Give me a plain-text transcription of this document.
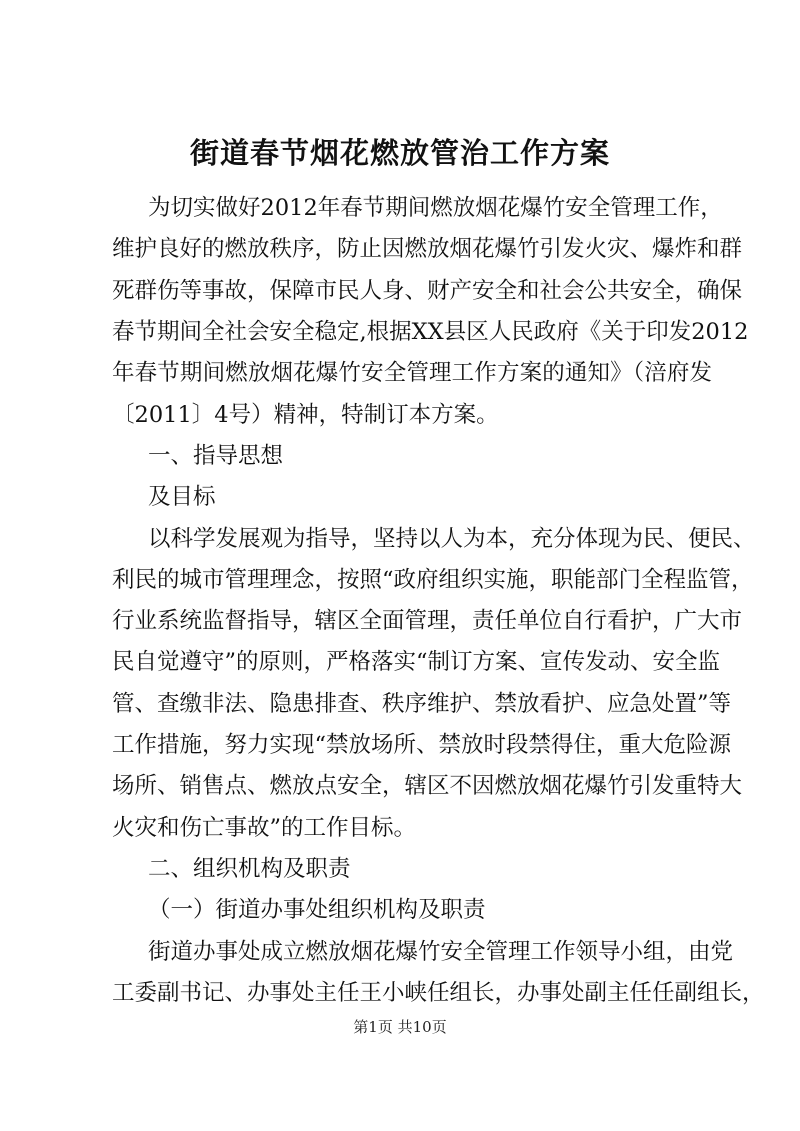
街道春节烟花燃放管治工作方案
为切实做好2012年春节期间燃放烟花爆竹安全管理工作，
维护良好的燃放秩序，防止因燃放烟花爆竹引发火灾、爆炸和群
死群伤等事故，保障市民人身、财产安全和社会公共安全，确保
春节期间全社会安全稳定,根据XX县区人民政府《关于印发2012
年春节期间燃放烟花爆竹安全管理工作方案的通知》（涪府发
〔2011〕4号）精神，特制订本方案。
一、指导思想
及目标
以科学发展观为指导，坚持以人为本，充分体现为民、便民、
利民的城市管理理念，按照“政府组织实施，职能部门全程监管，
行业系统监督指导，辖区全面管理，责任单位自行看护，广大市
民自觉遵守”的原则，严格落实“制订方案、宣传发动、安全监
管、查缴非法、隐患排查、秩序维护、禁放看护、应急处置”等
工作措施，努力实现“禁放场所、禁放时段禁得住，重大危险源
场所、销售点、燃放点安全，辖区不因燃放烟花爆竹引发重特大
火灾和伤亡事故”的工作目标。
二、组织机构及职责
（一）街道办事处组织机构及职责
街道办事处成立燃放烟花爆竹安全管理工作领导小组，由党
工委副书记、办事处主任王小峡任组长，办事处副主任任副组长，
第1页 共10页
